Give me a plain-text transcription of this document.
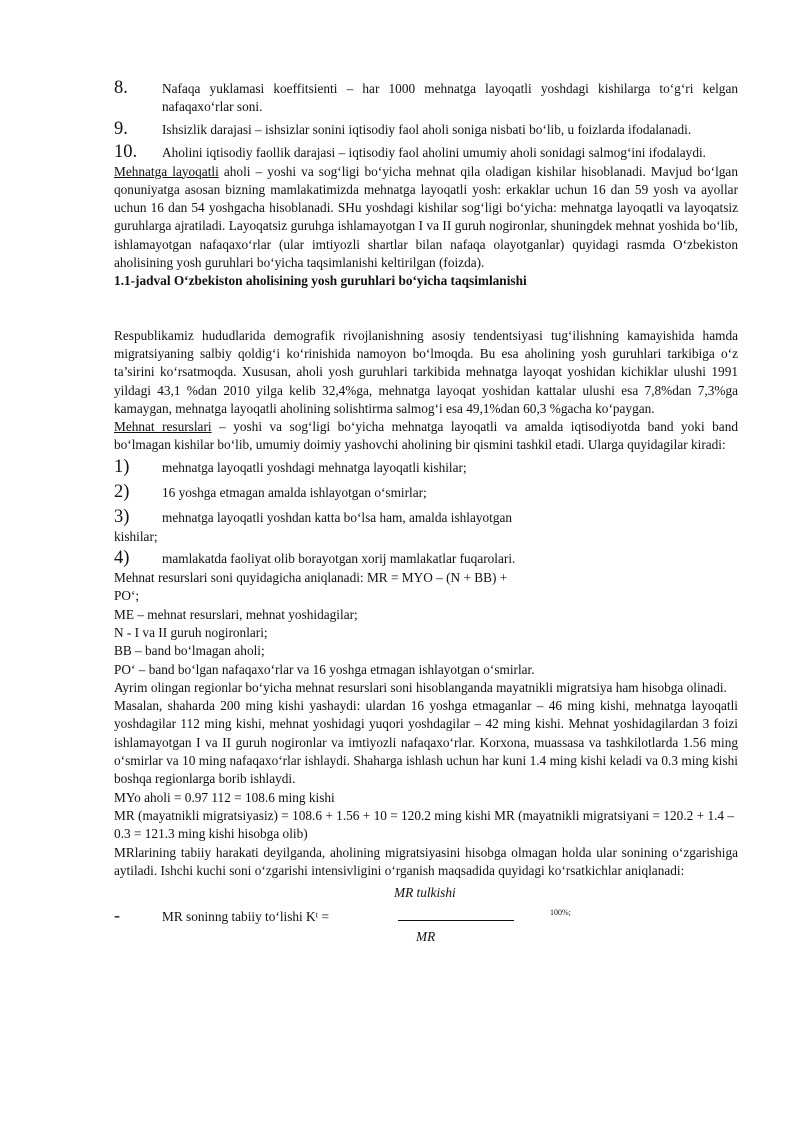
8.	Nafaqa yuklamasi koeffitsienti – har 1000 mehnatga layoqatli yoshdagi kishilarga to‘g‘ri kelgan nafaqaxo‘rlar soni.

9.	Ishsizlik darajasi – ishsizlar sonini iqtisodiy faol aholi soniga nisbati bo‘lib, u foizlarda ifodalanadi.

10.	Aholini iqtisodiy faollik darajasi – iqtisodiy faol aholini umumiy aholi sonidagi salmog‘ini ifodalaydi.

Mehnatga layoqatli aholi – yoshi va sog‘ligi bo‘yicha mehnat qila oladigan kishilar hisoblanadi. Mavjud bo‘lgan qonuniyatga asosan bizning mamlakatimizda mehnatga layoqatli yosh: erkaklar uchun 16 dan 59 yosh va ayollar uchun 16 dan 54 yoshgacha hisoblanadi. SHu yoshdagi kishilar sog‘ligi bo‘yicha: mehnatga layoqatli va layoqatsiz guruhlarga ajratiladi. Layoqatsiz guruhga ishlamayotgan I va II guruh nogironlar, shuningdek mehnat yoshida bo‘lib, ishlamayotgan nafaqaxo‘rlar (ular imtiyozli shartlar bilan nafaqa olayotganlar) quyidagi rasmda O‘zbekiston aholisining yosh guruhlari bo‘yicha taqsimlanishi keltirilgan (foizda).

1.1-jadval O‘zbekiston aholisining yosh guruhlari bo‘yicha taqsimlanishi

Respublikamiz hududlarida demografik rivojlanishning asosiy tendentsiyasi tug‘ilishning kamayishida hamda migratsiyaning salbiy qoldig‘i ko‘rinishida namoyon bo‘lmoqda. Bu esa aholining yosh guruhlari tarkibiga o‘z ta’sirini ko‘rsatmoqda. Xususan, aholi yosh guruhlari tarkibida mehnatga layoqat yoshidan kichiklar ulushi 1991 yildagi 43,1 %dan 2010 yilga kelib 32,4%ga, mehnatga layoqat yoshidan kattalar ulushi esa 7,8%dan 7,3%ga kamaygan, mehnatga layoqatli aholining solishtirma salmog‘i esa 49,1%dan 60,3 %gacha ko‘paygan.

Mehnat resurslari – yoshi va sog‘ligi bo‘yicha mehnatga layoqatli va amalda iqtisodiyotda band yoki band bo‘lmagan kishilar bo‘lib, umumiy doimiy yashovchi aholining bir qismini tashkil etadi. Ularga quyidagilar kiradi:

1)	mehnatga layoqatli yoshdagi mehnatga layoqatli kishilar;

2)	16 yoshga etmagan amalda ishlayotgan o‘smirlar;

3)	mehnatga layoqatli yoshdan katta bo‘lsa ham, amalda ishlayotgan

kishilar;

4)	mamlakatda faoliyat olib borayotgan xorij mamlakatlar fuqarolari.

Mehnat resurslari soni quyidagicha aniqlanadi: MR = MYO – (N + BB) +

PO‘;

ME – mehnat resurslari, mehnat yoshidagilar;

N - I va II guruh nogironlari;

BB – band bo‘lmagan aholi;

PO‘ – band bo‘lgan nafaqaxo‘rlar va 16 yoshga etmagan ishlayotgan o‘smirlar.

Ayrim olingan regionlar bo‘yicha mehnat resurslari soni hisoblanganda mayatnikli migratsiya ham hisobga olinadi.

Masalan, shaharda 200 ming kishi yashaydi: ulardan 16 yoshga etmaganlar – 46 ming kishi, mehnatga layoqatli yoshdagilar 112 ming kishi, mehnat yoshidagi yuqori yoshdagilar – 42 ming kishi. Mehnat yoshidagilardan 3 foizi ishlamayotgan I va II guruh nogironlar va imtiyozli nafaqaxo‘rlar. Korxona, muassasa va tashkilotlarda 1.56 ming o‘smirlar va 10 ming nafaqaxo‘rlar ishlaydi. Shaharga ishlash uchun har kuni 1.4 ming kishi keladi va 0.3 ming kishi boshqa regionlarga borib ishlaydi.

MYo aholi = 0.97 112 = 108.6 ming kishi

MR (mayatnikli migratsiyasiz) = 108.6 + 1.56 + 10 = 120.2 ming kishi MR (mayatnikli migratsiyani = 120.2 + 1.4 – 0.3 = 121.3 ming kishi hisobga olib)

MRlarining tabiiy harakati deyilganda, aholining migratsiyasini hisobga olmagan holda ular sonining o‘zgarishiga aytiladi. Ishchi kuchi soni o‘zgarishi intensivligini o‘rganish maqsadida quyidagi ko‘rsatkichlar aniqlanadi:

MR tulkishi
-	MR soninng tabiiy to‘lishi Kᵗ =	100%;
MR
